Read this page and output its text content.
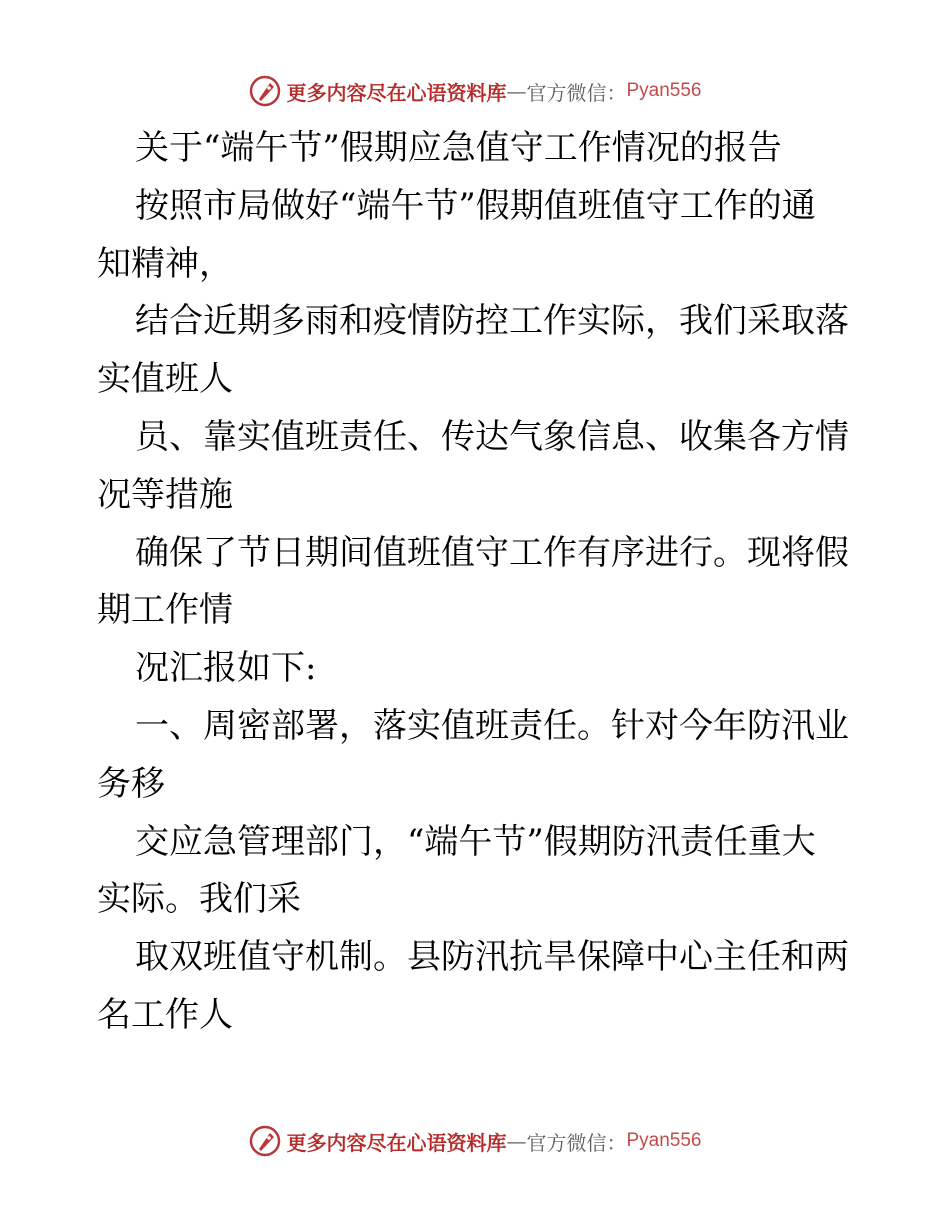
更多内容尽在心语资料库 — 官方微信： Pyan556
关于“端午节”假期应急值守工作情况的报告
按照市局做好“端午节”假期值班值守工作的通
知精神，
结合近期多雨和疫情防控工作实际，我们采取落
实值班人
员、靠实值班责任、传达气象信息、收集各方情
况等措施
确保了节日期间值班值守工作有序进行。现将假
期工作情
况汇报如下:
一、周密部署，落实值班责任。针对今年防汛业
务移
交应急管理部门，“端午节”假期防汛责任重大
实际。我们采
取双班值守机制。县防汛抗旱保障中心主任和两
名工作人
更多内容尽在心语资料库 — 官方微信： Pyan556
